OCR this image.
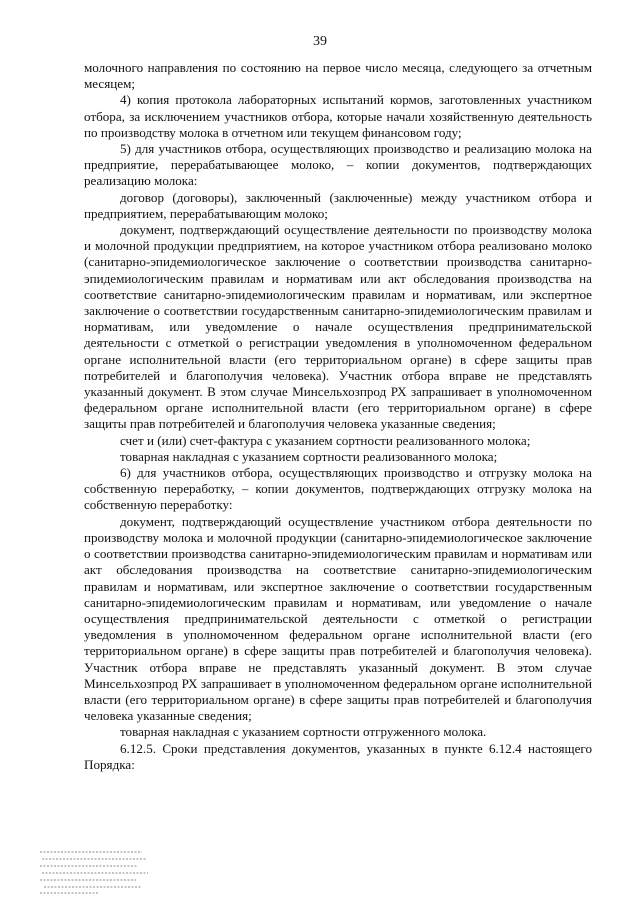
39

молочного направления по состоянию на первое число месяца, следующего за отчетным месяцем;

4) копия протокола лабораторных испытаний кормов, заготовленных участником отбора, за исключением участников отбора, которые начали хозяйственную деятельность по производству молока в отчетном или текущем финансовом году;

5) для участников отбора, осуществляющих производство и реализацию молока на предприятие, перерабатывающее молоко, – копии документов, подтверждающих реализацию молока:

договор (договоры), заключенный (заключенные) между участником отбора и предприятием, перерабатывающим молоко;

документ, подтверждающий осуществление деятельности по производству молока и молочной продукции предприятием, на которое участником отбора реализовано молоко (санитарно-эпидемиологическое заключение о соответствии производства санитарно-эпидемиологическим правилам и нормативам или акт обследования производства на соответствие санитарно-эпидемиологическим правилам и нормативам, или экспертное заключение о соответствии государственным санитарно-эпидемиологическим правилам и нормативам, или уведомление о начале осуществления предпринимательской деятельности с отметкой о регистрации уведомления в уполномоченном федеральном органе исполнительной власти (его территориальном органе) в сфере защиты прав потребителей и благополучия человека). Участник отбора вправе не представлять указанный документ. В этом случае Минсельхозпрод РХ запрашивает в уполномоченном федеральном органе исполнительной власти (его территориальном органе) в сфере защиты прав потребителей и благополучия человека указанные сведения;

счет и (или) счет-фактура с указанием сортности реализованного молока;

товарная накладная с указанием сортности реализованного молока;

6) для участников отбора, осуществляющих производство и отгрузку молока на собственную переработку, – копии документов, подтверждающих отгрузку молока на собственную переработку:

документ, подтверждающий осуществление участником отбора деятельности по производству молока и молочной продукции (санитарно-эпидемиологическое заключение о соответствии производства санитарно-эпидемиологическим правилам и нормативам или акт обследования производства на соответствие санитарно-эпидемиологическим правилам и нормативам, или экспертное заключение о соответствии государственным санитарно-эпидемиологическим правилам и нормативам, или уведомление о начале осуществления предпринимательской деятельности с отметкой о регистрации уведомления в уполномоченном федеральном органе исполнительной власти (его территориальном органе) в сфере защиты прав потребителей и благополучия человека). Участник отбора вправе не представлять указанный документ. В этом случае Минсельхозпрод РХ запрашивает в уполномоченном федеральном органе исполнительной власти (его территориальном органе) в сфере защиты прав потребителей и благополучия человека указанные сведения;

товарная накладная с указанием сортности отгруженного молока.

6.12.5. Сроки представления документов, указанных в пункте 6.12.4 настоящего Порядка:
